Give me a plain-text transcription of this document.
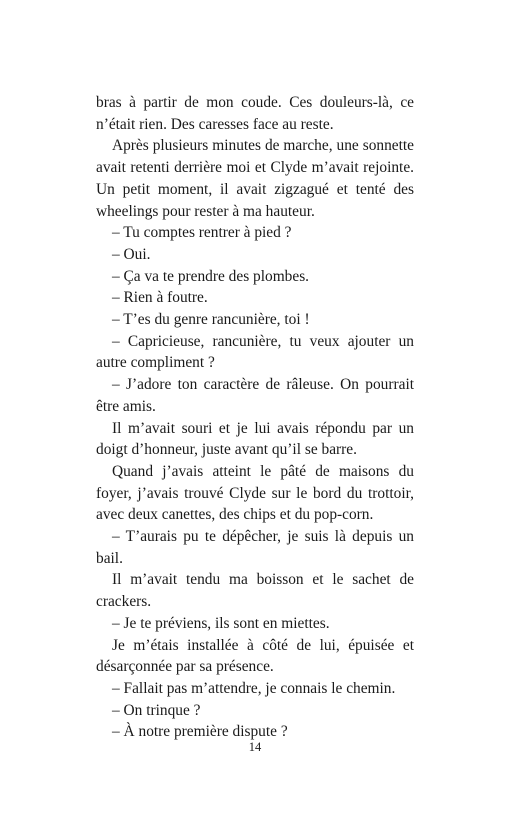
bras à partir de mon coude. Ces douleurs-là, ce n’était rien. Des caresses face au reste.

Après plusieurs minutes de marche, une sonnette avait retenti derrière moi et Clyde m’avait rejointe. Un petit moment, il avait zigzagué et tenté des wheelings pour rester à ma hauteur.

– Tu comptes rentrer à pied ?

– Oui.

– Ça va te prendre des plombes.

– Rien à foutre.

– T’es du genre rancunière, toi !

– Capricieuse, rancunière, tu veux ajouter un autre compliment ?

– J’adore ton caractère de râleuse. On pourrait être amis.

Il m’avait souri et je lui avais répondu par un doigt d’honneur, juste avant qu’il se barre.

Quand j’avais atteint le pâté de maisons du foyer, j’avais trouvé Clyde sur le bord du trottoir, avec deux canettes, des chips et du pop-corn.

– T’aurais pu te dépêcher, je suis là depuis un bail.

Il m’avait tendu ma boisson et le sachet de crackers.

– Je te préviens, ils sont en miettes.

Je m’étais installée à côté de lui, épuisée et désarçonnée par sa présence.

– Fallait pas m’attendre, je connais le chemin.

– On trinque ?

– À notre première dispute ?

14
